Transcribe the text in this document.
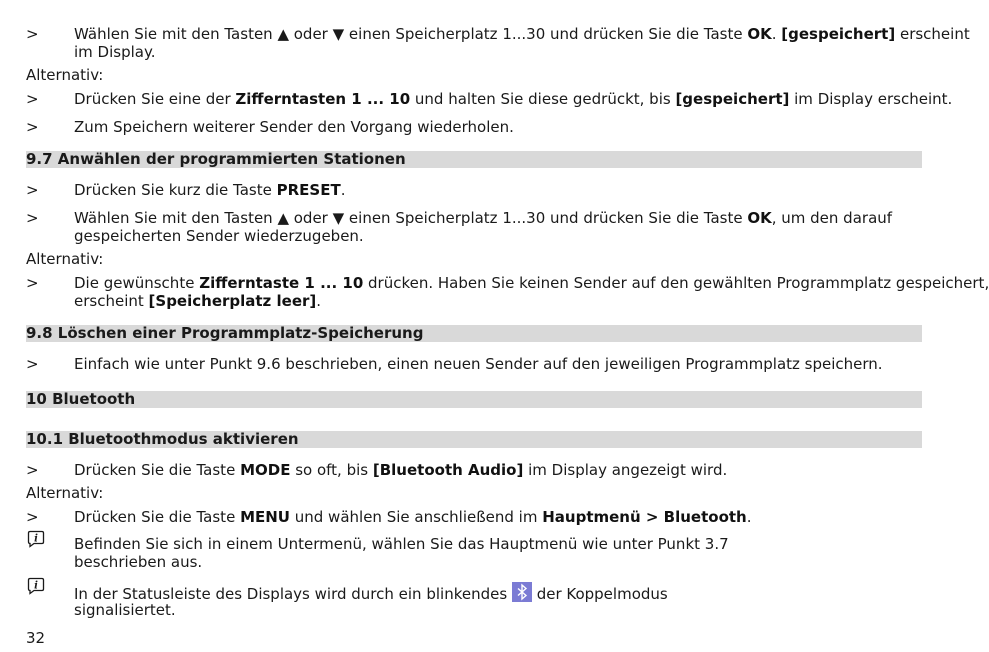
> Wählen Sie mit den Tasten ▲ oder ▼ einen Speicherplatz 1...30 und drücken Sie die Taste OK. [gespeichert] erscheint
im Display.
Alternativ:
> Drücken Sie eine der Zifferntasten 1 ... 10 und halten Sie diese gedrückt, bis [gespeichert] im Display erscheint.
> Zum Speichern weiterer Sender den Vorgang wiederholen.
9.7 Anwählen der programmierten Stationen
> Drücken Sie kurz die Taste PRESET.
> Wählen Sie mit den Tasten ▲ oder ▼ einen Speicherplatz 1...30 und drücken Sie die Taste OK, um den darauf
gespeicherten Sender wiederzugeben.
Alternativ:
> Die gewünschte Zifferntaste 1 ... 10 drücken. Haben Sie keinen Sender auf den gewählten Programmplatz gespeichert,
erscheint [Speicherplatz leer].
9.8 Löschen einer Programmplatz-Speicherung
> Einfach wie unter Punkt 9.6 beschrieben, einen neuen Sender auf den jeweiligen Programmplatz speichern.
10 Bluetooth
10.1 Bluetoothmodus aktivieren
> Drücken Sie die Taste MODE so oft, bis [Bluetooth Audio] im Display angezeigt wird.
Alternativ:
> Drücken Sie die Taste MENU und wählen Sie anschließend im Hauptmenü > Bluetooth.
i Befinden Sie sich in einem Untermenü, wählen Sie das Hauptmenü wie unter Punkt 3.7
beschrieben aus.
i In der Statusleiste des Displays wird durch ein blinkendes  der Koppelmodus
signalisiertet.
32
